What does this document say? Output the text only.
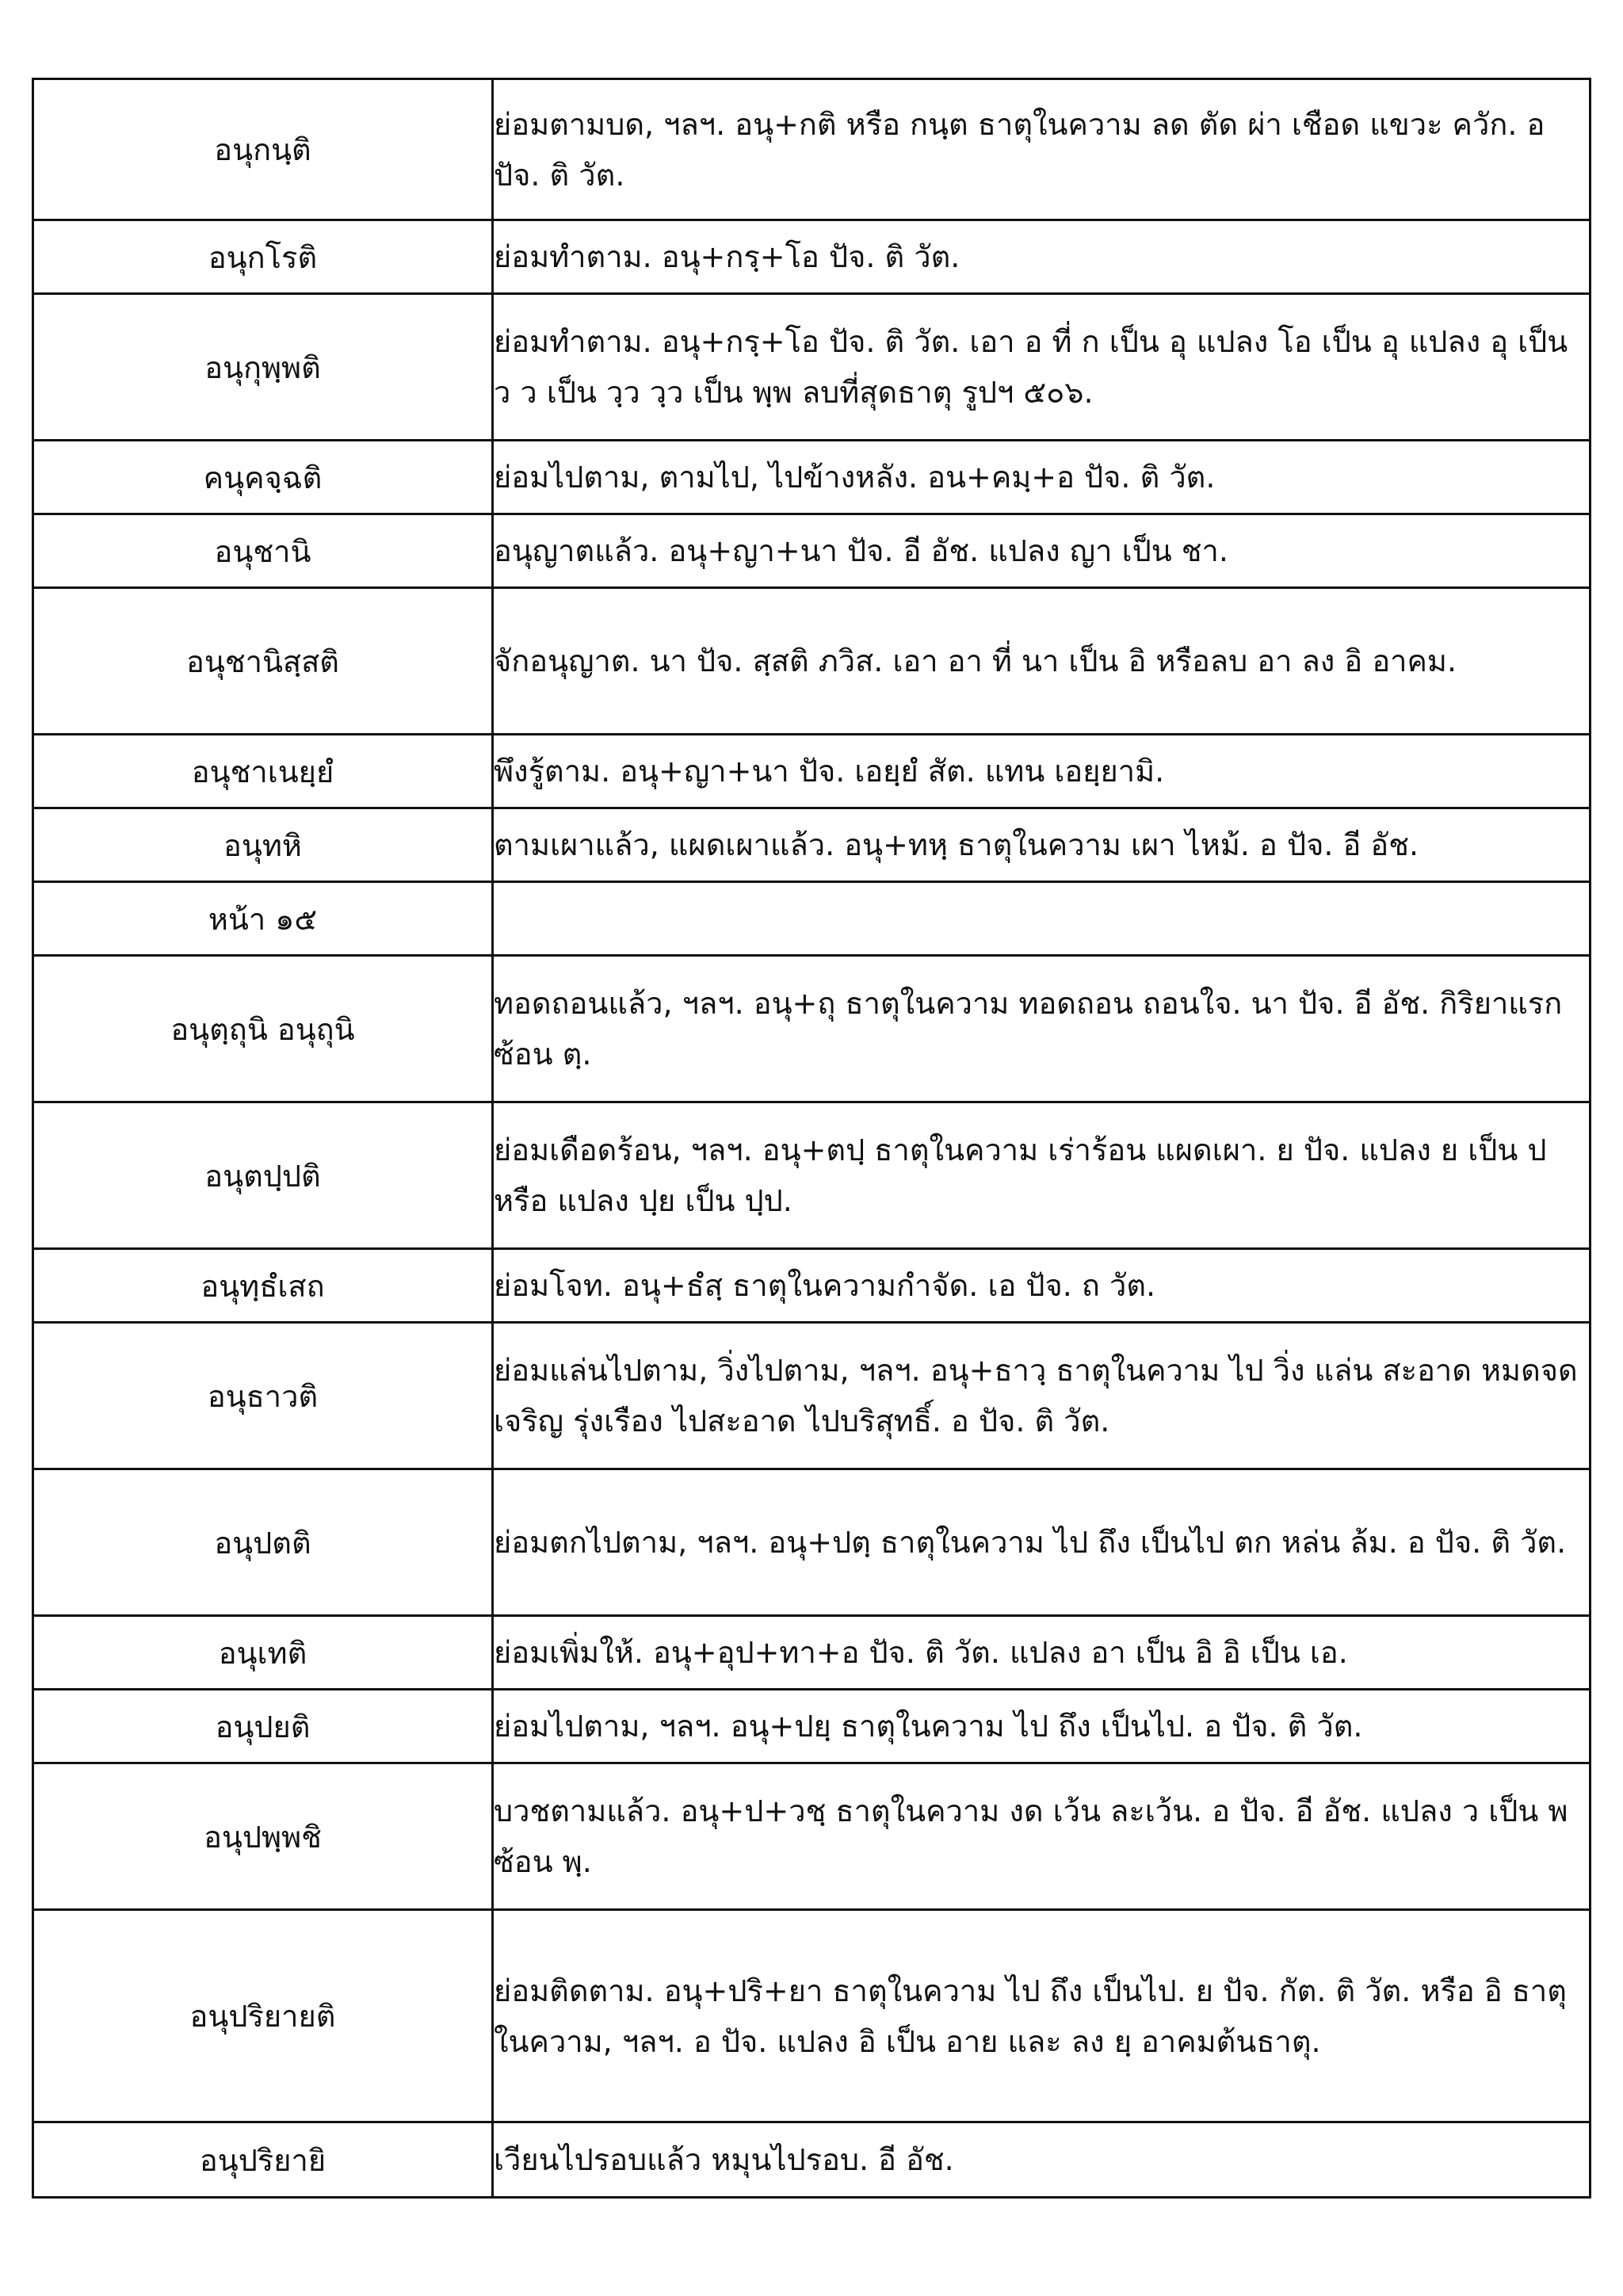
อนุกนฺติ	ย่อมตามบด, ฯลฯ. อนุ+กติ หรือ กนฺต ธาตุในความ ลด ตัด ผ่า เชือด แขวะ ควัก. อ ปัจ. ติ วัต.
อนุกโรติ	ย่อมทำตาม. อนุ+กรฺ+โอ ปัจ. ติ วัต.
อนุกุพฺพติ	ย่อมทำตาม. อนุ+กรฺ+โอ ปัจ. ติ วัต. เอา อ ที่ ก เป็น อุ แปลง โอ เป็น อุ แปลง อุ เป็น ว ว เป็น วฺว วฺว เป็น พฺพ ลบที่สุดธาตุ รูปฯ ๕๐๖.
คนุคจฺฉติ	ย่อมไปตาม, ตามไป, ไปข้างหลัง. อน+คมฺ+อ ปัจ. ติ วัต.
อนุชานิ	อนุญาตแล้ว. อนุ+ญา+นา ปัจ. อี อัช. แปลง ญา เป็น ชา.
อนุชานิสฺสติ	จักอนุญาต. นา ปัจ. สฺสติ ภวิส. เอา อา ที่ นา เป็น อิ หรือลบ อา ลง อิ อาคม.
อนุชาเนยฺยํ	พึงรู้ตาม. อนุ+ญา+นา ปัจ. เอยฺยํ สัต. แทน เอยฺยามิ.
อนุทหิ	ตามเผาแล้ว, แผดเผาแล้ว. อนุ+ทหฺ ธาตุในความ เผา ไหม้. อ ปัจ. อี อัช.
หน้า ๑๕	
อนุตฺถุนิ อนุถุนิ	ทอดถอนแล้ว, ฯลฯ. อนุ+ถุ ธาตุในความ ทอดถอน ถอนใจ. นา ปัจ. อี อัช. กิริยาแรก ซ้อน ตฺ.
อนุตปฺปติ	ย่อมเดือดร้อน, ฯลฯ. อนุ+ตปฺ ธาตุในความ เร่าร้อน แผดเผา. ย ปัจ. แปลง ย เป็น ป หรือ แปลง ปฺย เป็น ปฺป.
อนุทฺธํเสถ	ย่อมโจท. อนุ+ธํสฺ ธาตุในความกำจัด. เอ ปัจ. ถ วัต.
อนุธาวติ	ย่อมแล่นไปตาม, วิ่งไปตาม, ฯลฯ. อนุ+ธาวฺ ธาตุในความ ไป วิ่ง แล่น สะอาด หมดจด เจริญ รุ่งเรือง ไปสะอาด ไปบริสุทธิ์. อ ปัจ. ติ วัต.
อนุปตติ	ย่อมตกไปตาม, ฯลฯ. อนุ+ปตฺ ธาตุในความ ไป ถึง เป็นไป ตก หล่น ล้ม. อ ปัจ. ติ วัต.
อนุเทติ	ย่อมเพิ่มให้. อนุ+อุป+ทา+อ ปัจ. ติ วัต. แปลง อา เป็น อิ อิ เป็น เอ.
อนุปยติ	ย่อมไปตาม, ฯลฯ. อนุ+ปยฺ ธาตุในความ ไป ถึง เป็นไป. อ ปัจ. ติ วัต.
อนุปพฺพชิ	บวชตามแล้ว. อนุ+ป+วชฺ ธาตุในความ งด เว้น ละเว้น. อ ปัจ. อี อัช. แปลง ว เป็น พ ซ้อน พฺ.
อนุปริยายติ	ย่อมติดตาม. อนุ+ปริ+ยา ธาตุในความ ไป ถึง เป็นไป. ย ปัจ. กัต. ติ วัต. หรือ อิ ธาตุในความ, ฯลฯ. อ ปัจ. แปลง อิ เป็น อาย และ ลง ยฺ อาคมต้นธาตุ.
อนุปริยายิ	เวียนไปรอบแล้ว หมุนไปรอบ. อี อัช.
